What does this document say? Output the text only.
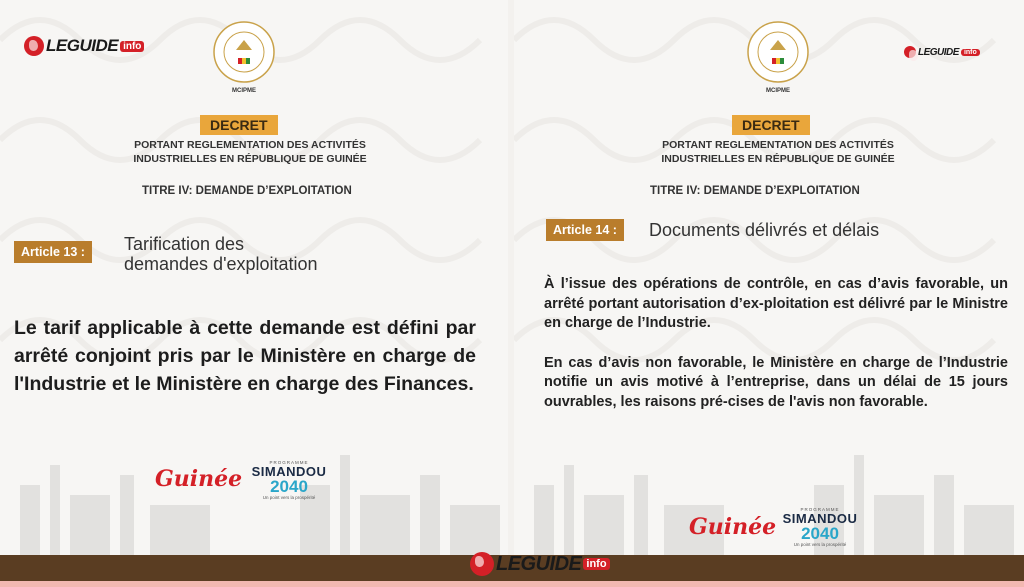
LEGUIDE info
MCIPME
DECRET
PORTANT REGLEMENTATION DES ACTIVITÉS
INDUSTRIELLES EN RÉPUBLIQUE DE GUINÉE
TITRE IV: DEMANDE D’EXPLOITATION
Article 13 :	Tarification des
demandes d'exploitation
Le tarif applicable à cette demande est défini par arrêté conjoint pris par le Ministère en charge de l'Industrie et le Ministère en charge des Finances.
Guinée
PROGRAMME
SIMANDOU
2040
Un point vers la prospérité
MCIPME
LEGUIDE info
DECRET
PORTANT REGLEMENTATION DES ACTIVITÉS
INDUSTRIELLES EN RÉPUBLIQUE DE GUINÉE
TITRE IV: DEMANDE D’EXPLOITATION
Article 14 :	Documents délivrés et délais

À l’issue des opérations de contrôle, en cas d’avis favorable, un arrêté portant autorisation d’ex-ploitation est délivré par le Ministre en charge de l’Industrie.

En cas d’avis non favorable, le Ministère en charge de l’Industrie notifie un avis motivé à l’entreprise, dans un délai de 15 jours ouvrables, les raisons pré-cises de l'avis non favorable.

Guinée
PROGRAMME
SIMANDOU
2040
Un point vers la prospérité
LEGUIDE info
